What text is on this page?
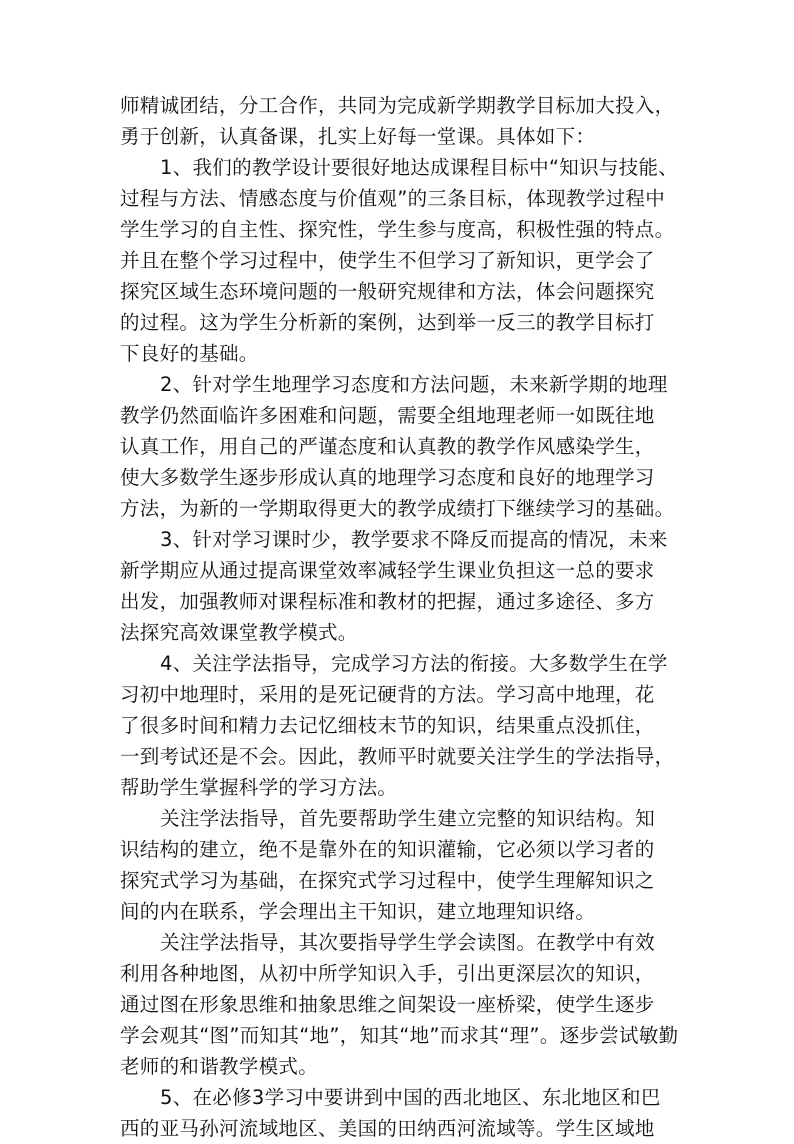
师精诚团结，分工合作，共同为完成新学期教学目标加大投入，
勇于创新，认真备课，扎实上好每一堂课。具体如下：
1、我们的教学设计要很好地达成课程目标中“知识与技能、
过程与方法、情感态度与价值观”的三条目标，体现教学过程中
学生学习的自主性、探究性，学生参与度高，积极性强的特点。
并且在整个学习过程中，使学生不但学习了新知识，更学会了
探究区域生态环境问题的一般研究规律和方法，体会问题探究
的过程。这为学生分析新的案例，达到举一反三的教学目标打
下良好的基础。
2、针对学生地理学习态度和方法问题，未来新学期的地理
教学仍然面临许多困难和问题，需要全组地理老师一如既往地
认真工作，用自己的严谨态度和认真教的教学作风感染学生，
使大多数学生逐步形成认真的地理学习态度和良好的地理学习
方法，为新的一学期取得更大的教学成绩打下继续学习的基础。
3、针对学习课时少，教学要求不降反而提高的情况，未来
新学期应从通过提高课堂效率减轻学生课业负担这一总的要求
出发，加强教师对课程标准和教材的把握，通过多途径、多方
法探究高效课堂教学模式。
4、关注学法指导，完成学习方法的衔接。大多数学生在学
习初中地理时，采用的是死记硬背的方法。学习高中地理，花
了很多时间和精力去记忆细枝末节的知识，结果重点没抓住，
一到考试还是不会。因此，教师平时就要关注学生的学法指导，
帮助学生掌握科学的学习方法。
关注学法指导，首先要帮助学生建立完整的知识结构。知
识结构的建立，绝不是靠外在的知识灌输，它必须以学习者的
探究式学习为基础，在探究式学习过程中，使学生理解知识之
间的内在联系，学会理出主干知识，建立地理知识络。
关注学法指导，其次要指导学生学会读图。在教学中有效
利用各种地图，从初中所学知识入手，引出更深层次的知识，
通过图在形象思维和抽象思维之间架设一座桥梁，使学生逐步
学会观其“图”而知其“地”，知其“地”而求其“理”。逐步尝试敏勤
老师的和谐教学模式。
5、在必修3学习中要讲到中国的西北地区、东北地区和巴
西的亚马孙河流域地区、美国的田纳西河流域等。学生区域地
